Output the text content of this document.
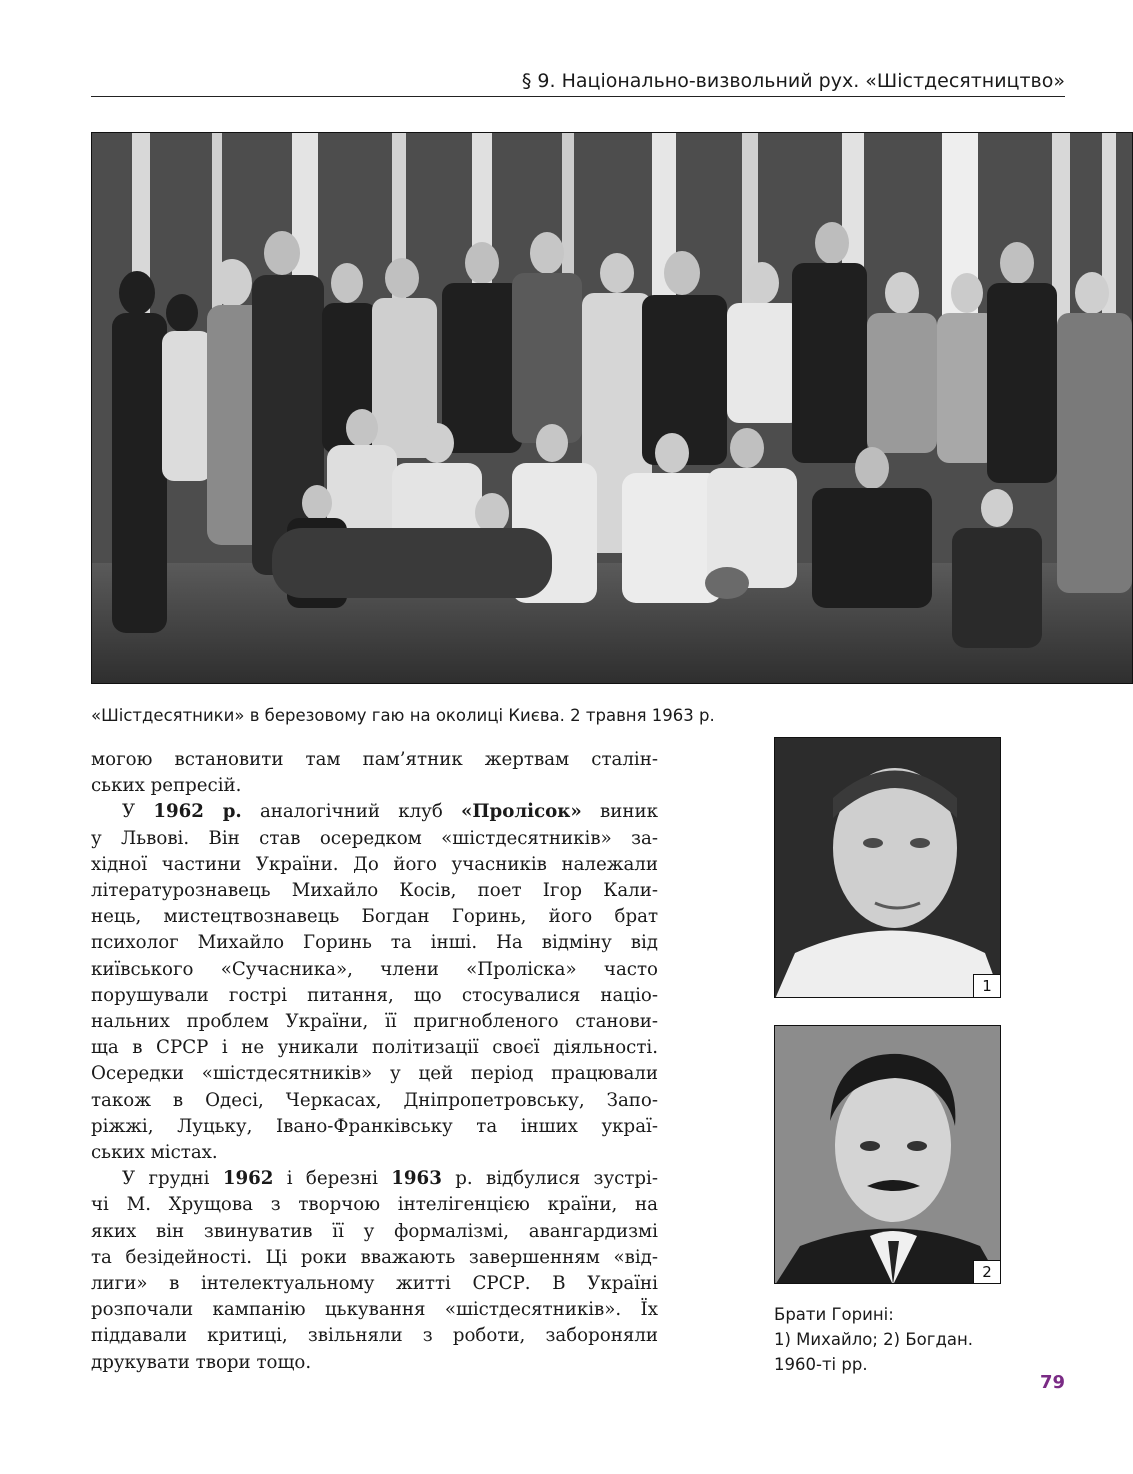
§ 9. Національно-визвольний рух. «Шістдесятництво»
«Шістдесятники» в березовому гаю на околиці Києва. 2 травня 1963 р.
могою встановити там пам’ятник жертвам сталін-
ських репресій.
У 1962 р. аналогічний клуб «Пролісок» виник
у Львові. Він став осередком «шістдесятників» за-
хідної частини України. До його учасників належали
літературознавець Михайло Косів, поет Ігор Кали-
нець, мистецтвознавець Богдан Горинь, його брат
психолог Михайло Горинь та інші. На відміну від
київського «Сучасника», члени «Проліска» часто
порушували гострі питання, що стосувалися націо-
нальних проблем України, її пригнобленого станови-
ща в СРСР і не уникали політизації своєї діяльності.
Осередки «шістдесятників» у цей період працювали
також в Одесі, Черкасах, Дніпропетровську, Запо-
ріжжі, Луцьку, Івано-Франківську та інших украї-
ських містах.
У грудні 1962 і березні 1963 р. відбулися зустрі-
чі М. Хрущова з творчою інтелігенцією країни, на
яких він звинуватив її у формалізмі, авангардизмі
та безідейності. Ці роки вважають завершенням «від-
лиги» в інтелектуальному житті СРСР. В Україні
розпочали кампанію цькування «шістдесятників». Їх
піддавали критиці, звільняли з роботи, забороняли
друкувати твори тощо.
1
2
Брати Горині:
1) Михайло; 2) Богдан.
1960-ті рр.
79
